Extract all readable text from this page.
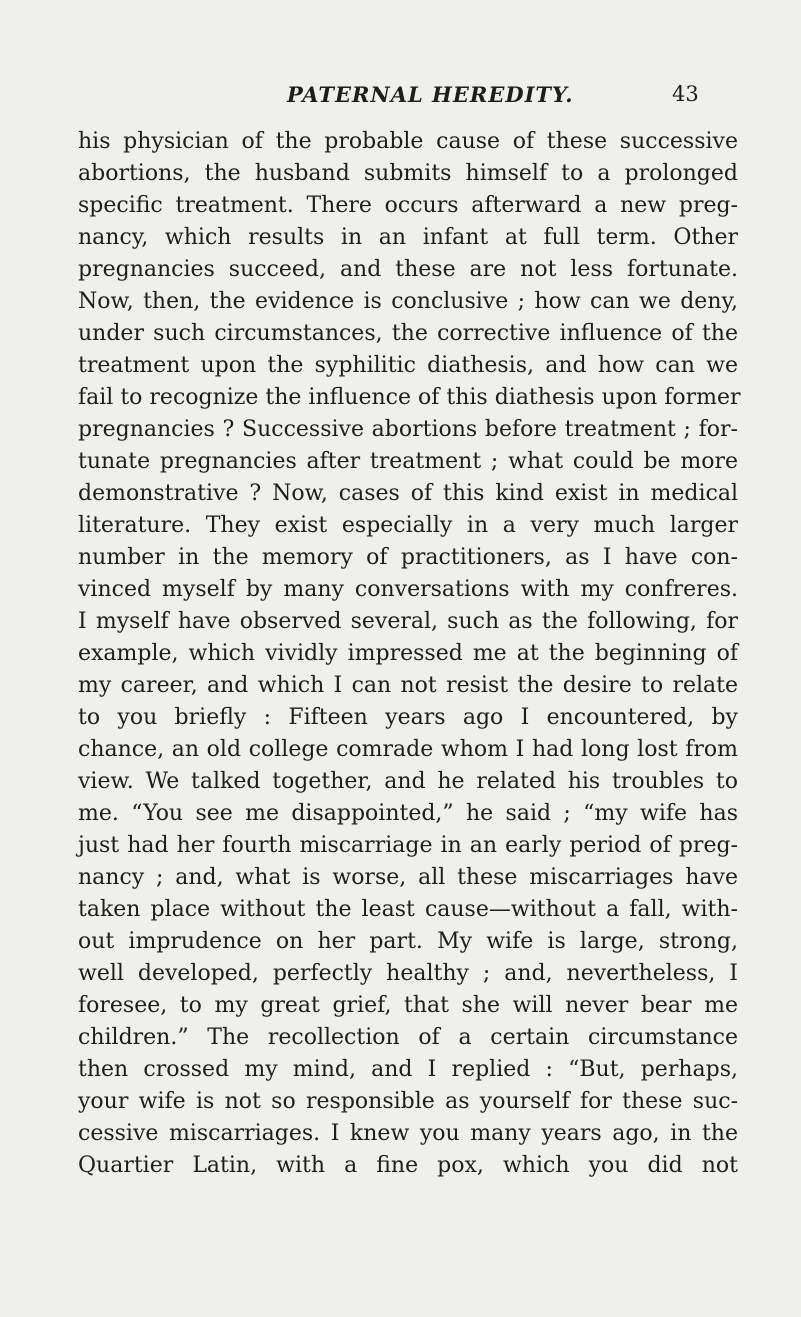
PATERNAL HEREDITY.	43
his physician of the probable cause of these successive
abortions, the husband submits himself to a prolonged
specific treatment. There occurs afterward a new preg-
nancy, which results in an infant at full term. Other
pregnancies succeed, and these are not less fortunate.
Now, then, the evidence is conclusive ; how can we deny,
under such circumstances, the corrective influence of the
treatment upon the syphilitic diathesis, and how can we
fail to recognize the influence of this diathesis upon former
pregnancies ? Successive abortions before treatment ; for-
tunate pregnancies after treatment ; what could be more
demonstrative ? Now, cases of this kind exist in medical
literature. They exist especially in a very much larger
number in the memory of practitioners, as I have con-
vinced myself by many conversations with my confreres.
I myself have observed several, such as the following, for
example, which vividly impressed me at the beginning of
my career, and which I can not resist the desire to relate
to you briefly : Fifteen years ago I encountered, by
chance, an old college comrade whom I had long lost from
view. We talked together, and he related his troubles to
me. “You see me disappointed,” he said ; “my wife has
just had her fourth miscarriage in an early period of preg-
nancy ; and, what is worse, all these miscarriages have
taken place without the least cause—without a fall, with-
out imprudence on her part. My wife is large, strong,
well developed, perfectly healthy ; and, nevertheless, I
foresee, to my great grief, that she will never bear me
children.” The recollection of a certain circumstance
then crossed my mind, and I replied : “But, perhaps,
your wife is not so responsible as yourself for these suc-
cessive miscarriages. I knew you many years ago, in the
Quartier Latin, with a fine pox, which you did not
